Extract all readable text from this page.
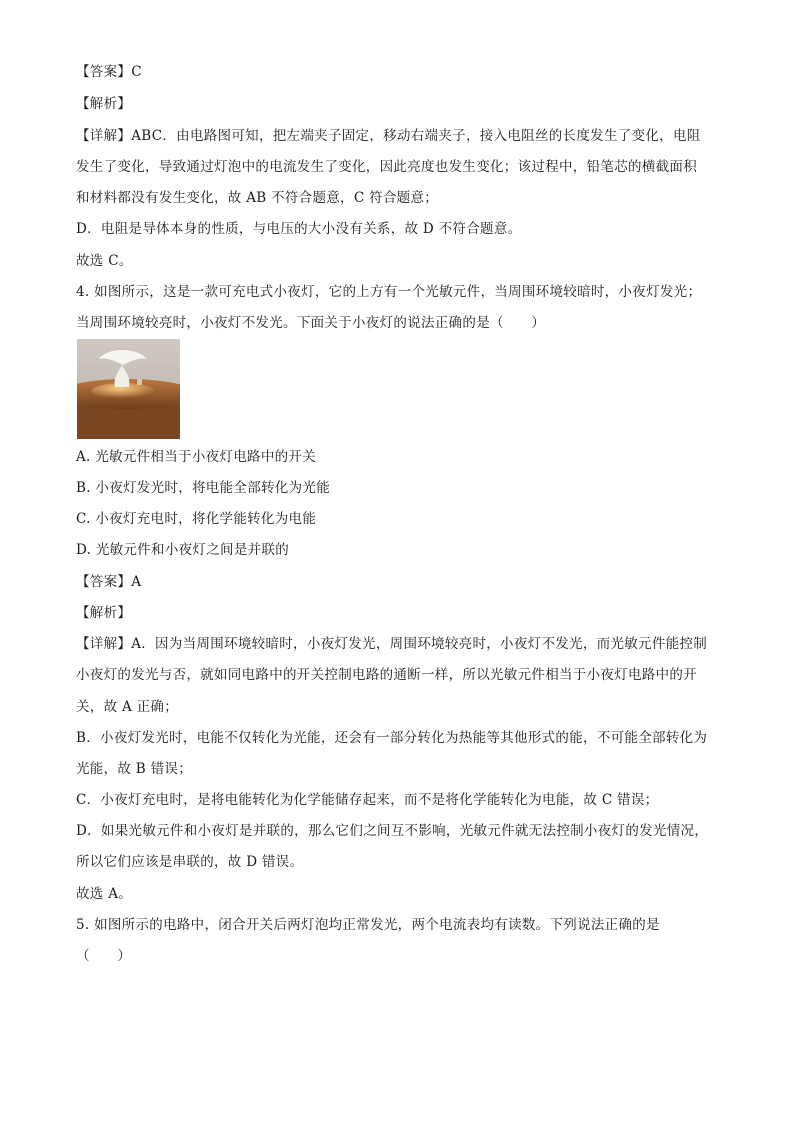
【答案】C
【解析】
【详解】ABC．由电路图可知，把左端夹子固定，移动右端夹子，接入电阻丝的长度发生了变化，电阻
发生了变化，导致通过灯泡中的电流发生了变化，因此亮度也发生变化；该过程中，铅笔芯的横截面积
和材料都没有发生变化，故 AB 不符合题意，C 符合题意；
D．电阻是导体本身的性质，与电压的大小没有关系，故 D 不符合题意。
故选 C。
4. 如图所示，这是一款可充电式小夜灯，它的上方有一个光敏元件，当周围环境较暗时，小夜灯发光；
当周围环境较亮时，小夜灯不发光。下面关于小夜灯的说法正确的是（　　）
A. 光敏元件相当于小夜灯电路中的开关
B. 小夜灯发光时，将电能全部转化为光能
C. 小夜灯充电时，将化学能转化为电能
D. 光敏元件和小夜灯之间是并联的
【答案】A
【解析】
【详解】A．因为当周围环境较暗时，小夜灯发光，周围环境较亮时，小夜灯不发光，而光敏元件能控制
小夜灯的发光与否，就如同电路中的开关控制电路的通断一样，所以光敏元件相当于小夜灯电路中的开
关，故 A 正确；
B．小夜灯发光时，电能不仅转化为光能，还会有一部分转化为热能等其他形式的能，不可能全部转化为
光能，故 B 错误；
C．小夜灯充电时，是将电能转化为化学能储存起来，而不是将化学能转化为电能，故 C 错误；
D．如果光敏元件和小夜灯是并联的，那么它们之间互不影响，光敏元件就无法控制小夜灯的发光情况，
所以它们应该是串联的，故 D 错误。
故选 A。
5. 如图所示的电路中，闭合开关后两灯泡均正常发光，两个电流表均有读数。下列说法正确的是
（　　）
